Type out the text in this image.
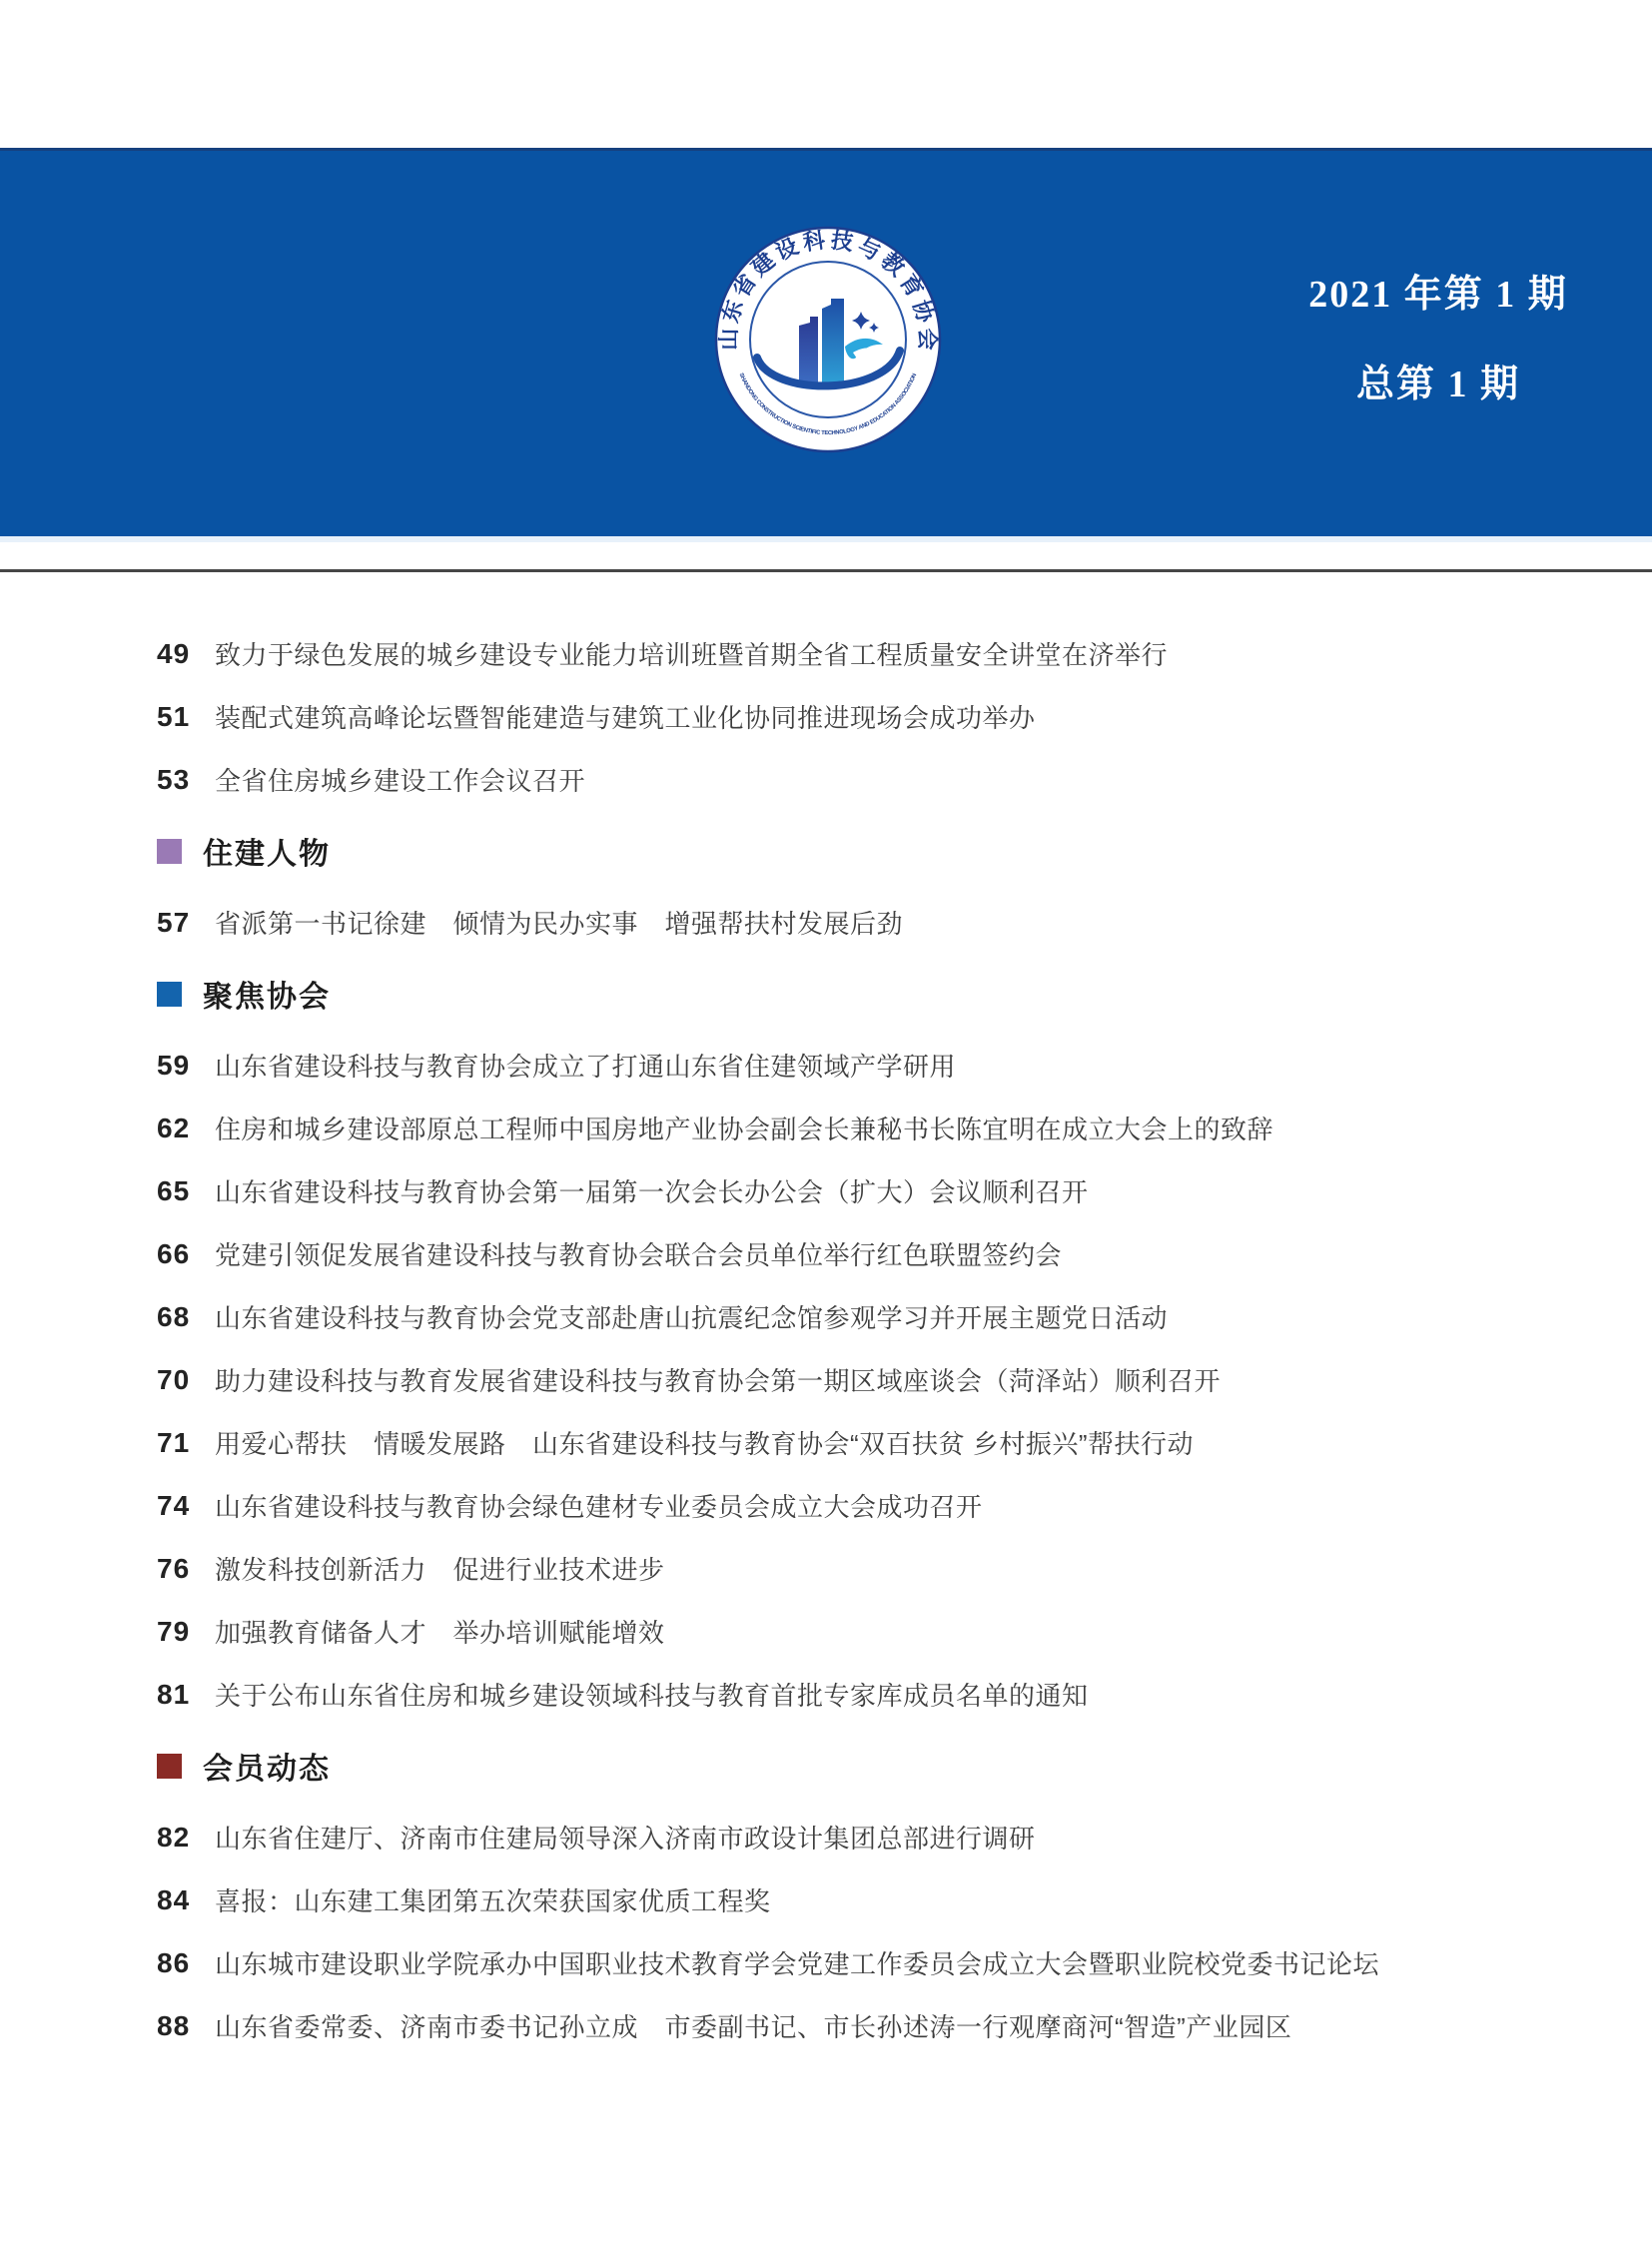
山东省建设科技与教育协会
SHANDONG CONSTRUCTION SCIENTIFIC TECHNOLOGY AND EDUCATION ASSOCIATION
2021 年第 1 期
总第 1 期
49 致力于绿色发展的城乡建设专业能力培训班暨首期全省工程质量安全讲堂在济举行
51 装配式建筑高峰论坛暨智能建造与建筑工业化协同推进现场会成功举办
53 全省住房城乡建设工作会议召开
住建人物
57 省派第一书记徐建　倾情为民办实事　增强帮扶村发展后劲
聚焦协会
59 山东省建设科技与教育协会成立了打通山东省住建领域产学研用
62 住房和城乡建设部原总工程师中国房地产业协会副会长兼秘书长陈宜明在成立大会上的致辞
65 山东省建设科技与教育协会第一届第一次会长办公会（扩大）会议顺利召开
66 党建引领促发展省建设科技与教育协会联合会员单位举行红色联盟签约会
68 山东省建设科技与教育协会党支部赴唐山抗震纪念馆参观学习并开展主题党日活动
70 助力建设科技与教育发展省建设科技与教育协会第一期区域座谈会（菏泽站）顺利召开
71 用爱心帮扶　情暖发展路　山东省建设科技与教育协会“双百扶贫 乡村振兴”帮扶行动
74 山东省建设科技与教育协会绿色建材专业委员会成立大会成功召开
76 激发科技创新活力　促进行业技术进步
79 加强教育储备人才　举办培训赋能增效
81 关于公布山东省住房和城乡建设领域科技与教育首批专家库成员名单的通知
会员动态
82 山东省住建厅、济南市住建局领导深入济南市政设计集团总部进行调研
84 喜报：山东建工集团第五次荣获国家优质工程奖
86 山东城市建设职业学院承办中国职业技术教育学会党建工作委员会成立大会暨职业院校党委书记论坛
88 山东省委常委、济南市委书记孙立成　市委副书记、市长孙述涛一行观摩商河“智造”产业园区
